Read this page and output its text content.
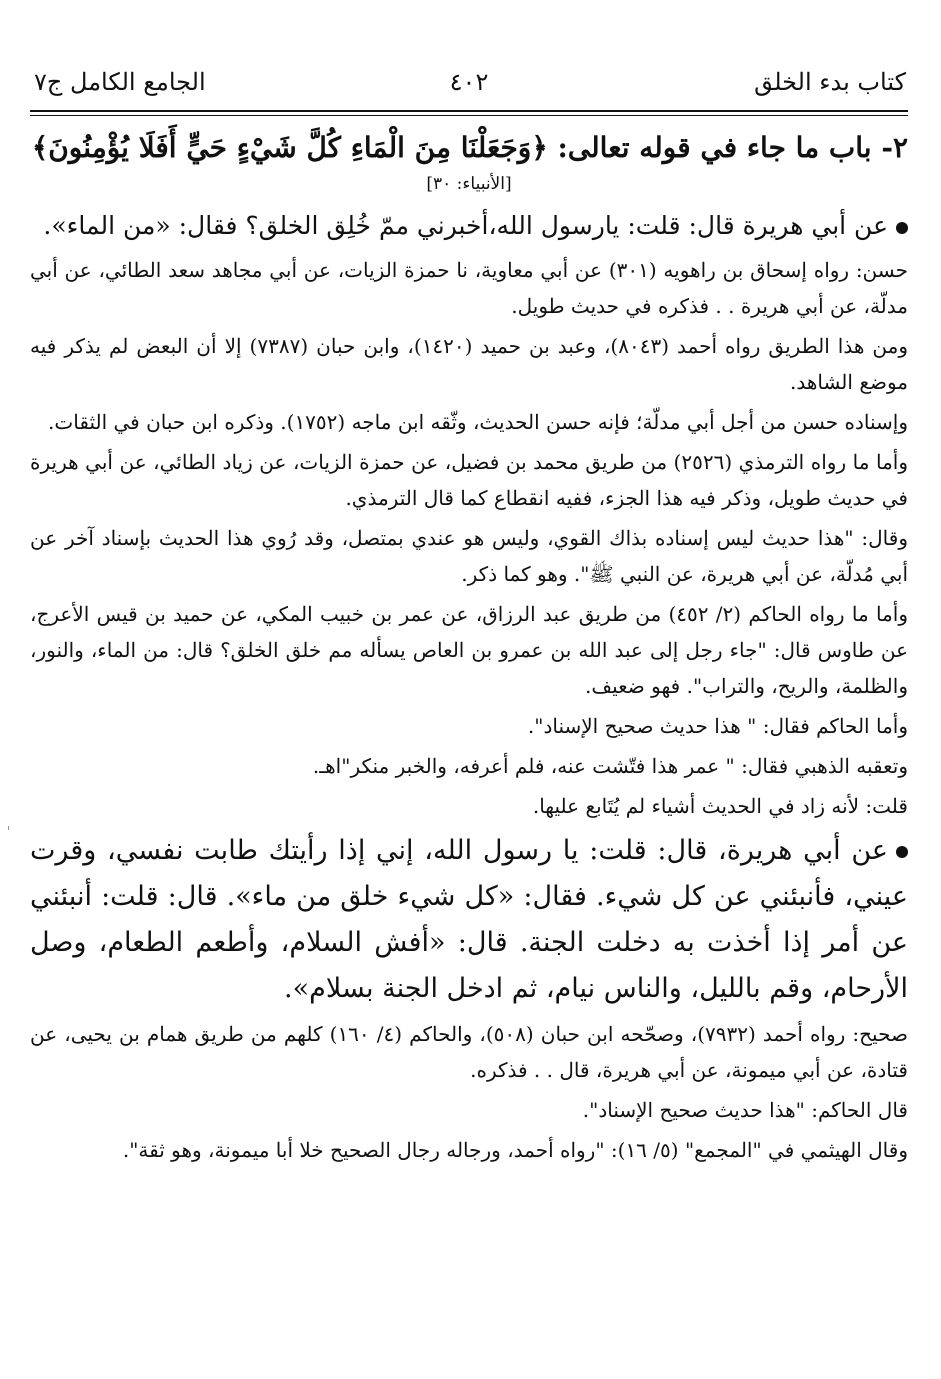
كتاب بدء الخلق
٤٠٢
الجامع الكامل ج٧
٢- باب ما جاء في قوله تعالى: ﴿وَجَعَلْنَا مِنَ الْمَاءِ كُلَّ شَيْءٍ حَيٍّ أَفَلَا يُؤْمِنُونَ﴾
[الأنبياء: ٣٠]

عن أبي هريرة قال: قلت: يارسول الله،أخبرني ممّ خُلِق الخلق؟ فقال: «من الماء».

حسن: رواه إسحاق بن راهويه (٣٠١) عن أبي معاوية، نا حمزة الزيات، عن أبي مجاهد سعد الطائي، عن أبي مدلّة، عن أبي هريرة . . فذكره في حديث طويل.

ومن هذا الطريق رواه أحمد (٨٠٤٣)، وعبد بن حميد (١٤٢٠)، وابن حبان (٧٣٨٧) إلا أن البعض لم يذكر فيه موضع الشاهد.

وإسناده حسن من أجل أبي مدلّة؛ فإنه حسن الحديث، وثّقه ابن ماجه (١٧٥٢). وذكره ابن حبان في الثقات.

وأما ما رواه الترمذي (٢٥٢٦) من طريق محمد بن فضيل، عن حمزة الزيات، عن زياد الطائي، عن أبي هريرة في حديث طويل، وذكر فيه هذا الجزء، ففيه انقطاع كما قال الترمذي.

وقال: "هذا حديث ليس إسناده بذاك القوي، وليس هو عندي بمتصل، وقد رُوي هذا الحديث بإسناد آخر عن أبي مُدلّة، عن أبي هريرة، عن النبي ﷺ". وهو كما ذكر.

وأما ما رواه الحاكم (٢/ ٤٥٢) من طريق عبد الرزاق، عن عمر بن خبيب المكي، عن حميد بن قيس الأعرج، عن طاوس قال: "جاء رجل إلى عبد الله بن عمرو بن العاص يسأله مم خلق الخلق؟ قال: من الماء، والنور، والظلمة، والريح، والتراب". فهو ضعيف.

وأما الحاكم فقال: " هذا حديث صحيح الإسناد".

وتعقبه الذهبي فقال: " عمر هذا فتّشت عنه، فلم أعرفه، والخبر منكر"اهـ.

قلت: لأنه زاد في الحديث أشياء لم يُتَابع عليها.

عن أبي هريرة، قال: قلت: يا رسول الله، إني إذا رأيتك طابت نفسي، وقرت عيني، فأنبئني عن كل شيء. فقال: «كل شيء خلق من ماء». قال: قلت: أنبئني عن أمر إذا أخذت به دخلت الجنة. قال: «أفش السلام، وأطعم الطعام، وصل الأرحام، وقم بالليل، والناس نيام، ثم ادخل الجنة بسلام».

صحيح: رواه أحمد (٧٩٣٢)، وصحّحه ابن حبان (٥٠٨)، والحاكم (٤/ ١٦٠) كلهم من طريق همام بن يحيى، عن قتادة، عن أبي ميمونة، عن أبي هريرة، قال . . فذكره.

قال الحاكم: "هذا حديث صحيح الإسناد".

وقال الهيثمي في "المجمع" (٥/ ١٦): "رواه أحمد، ورجاله رجال الصحيح خلا أبا ميمونة، وهو ثقة".
